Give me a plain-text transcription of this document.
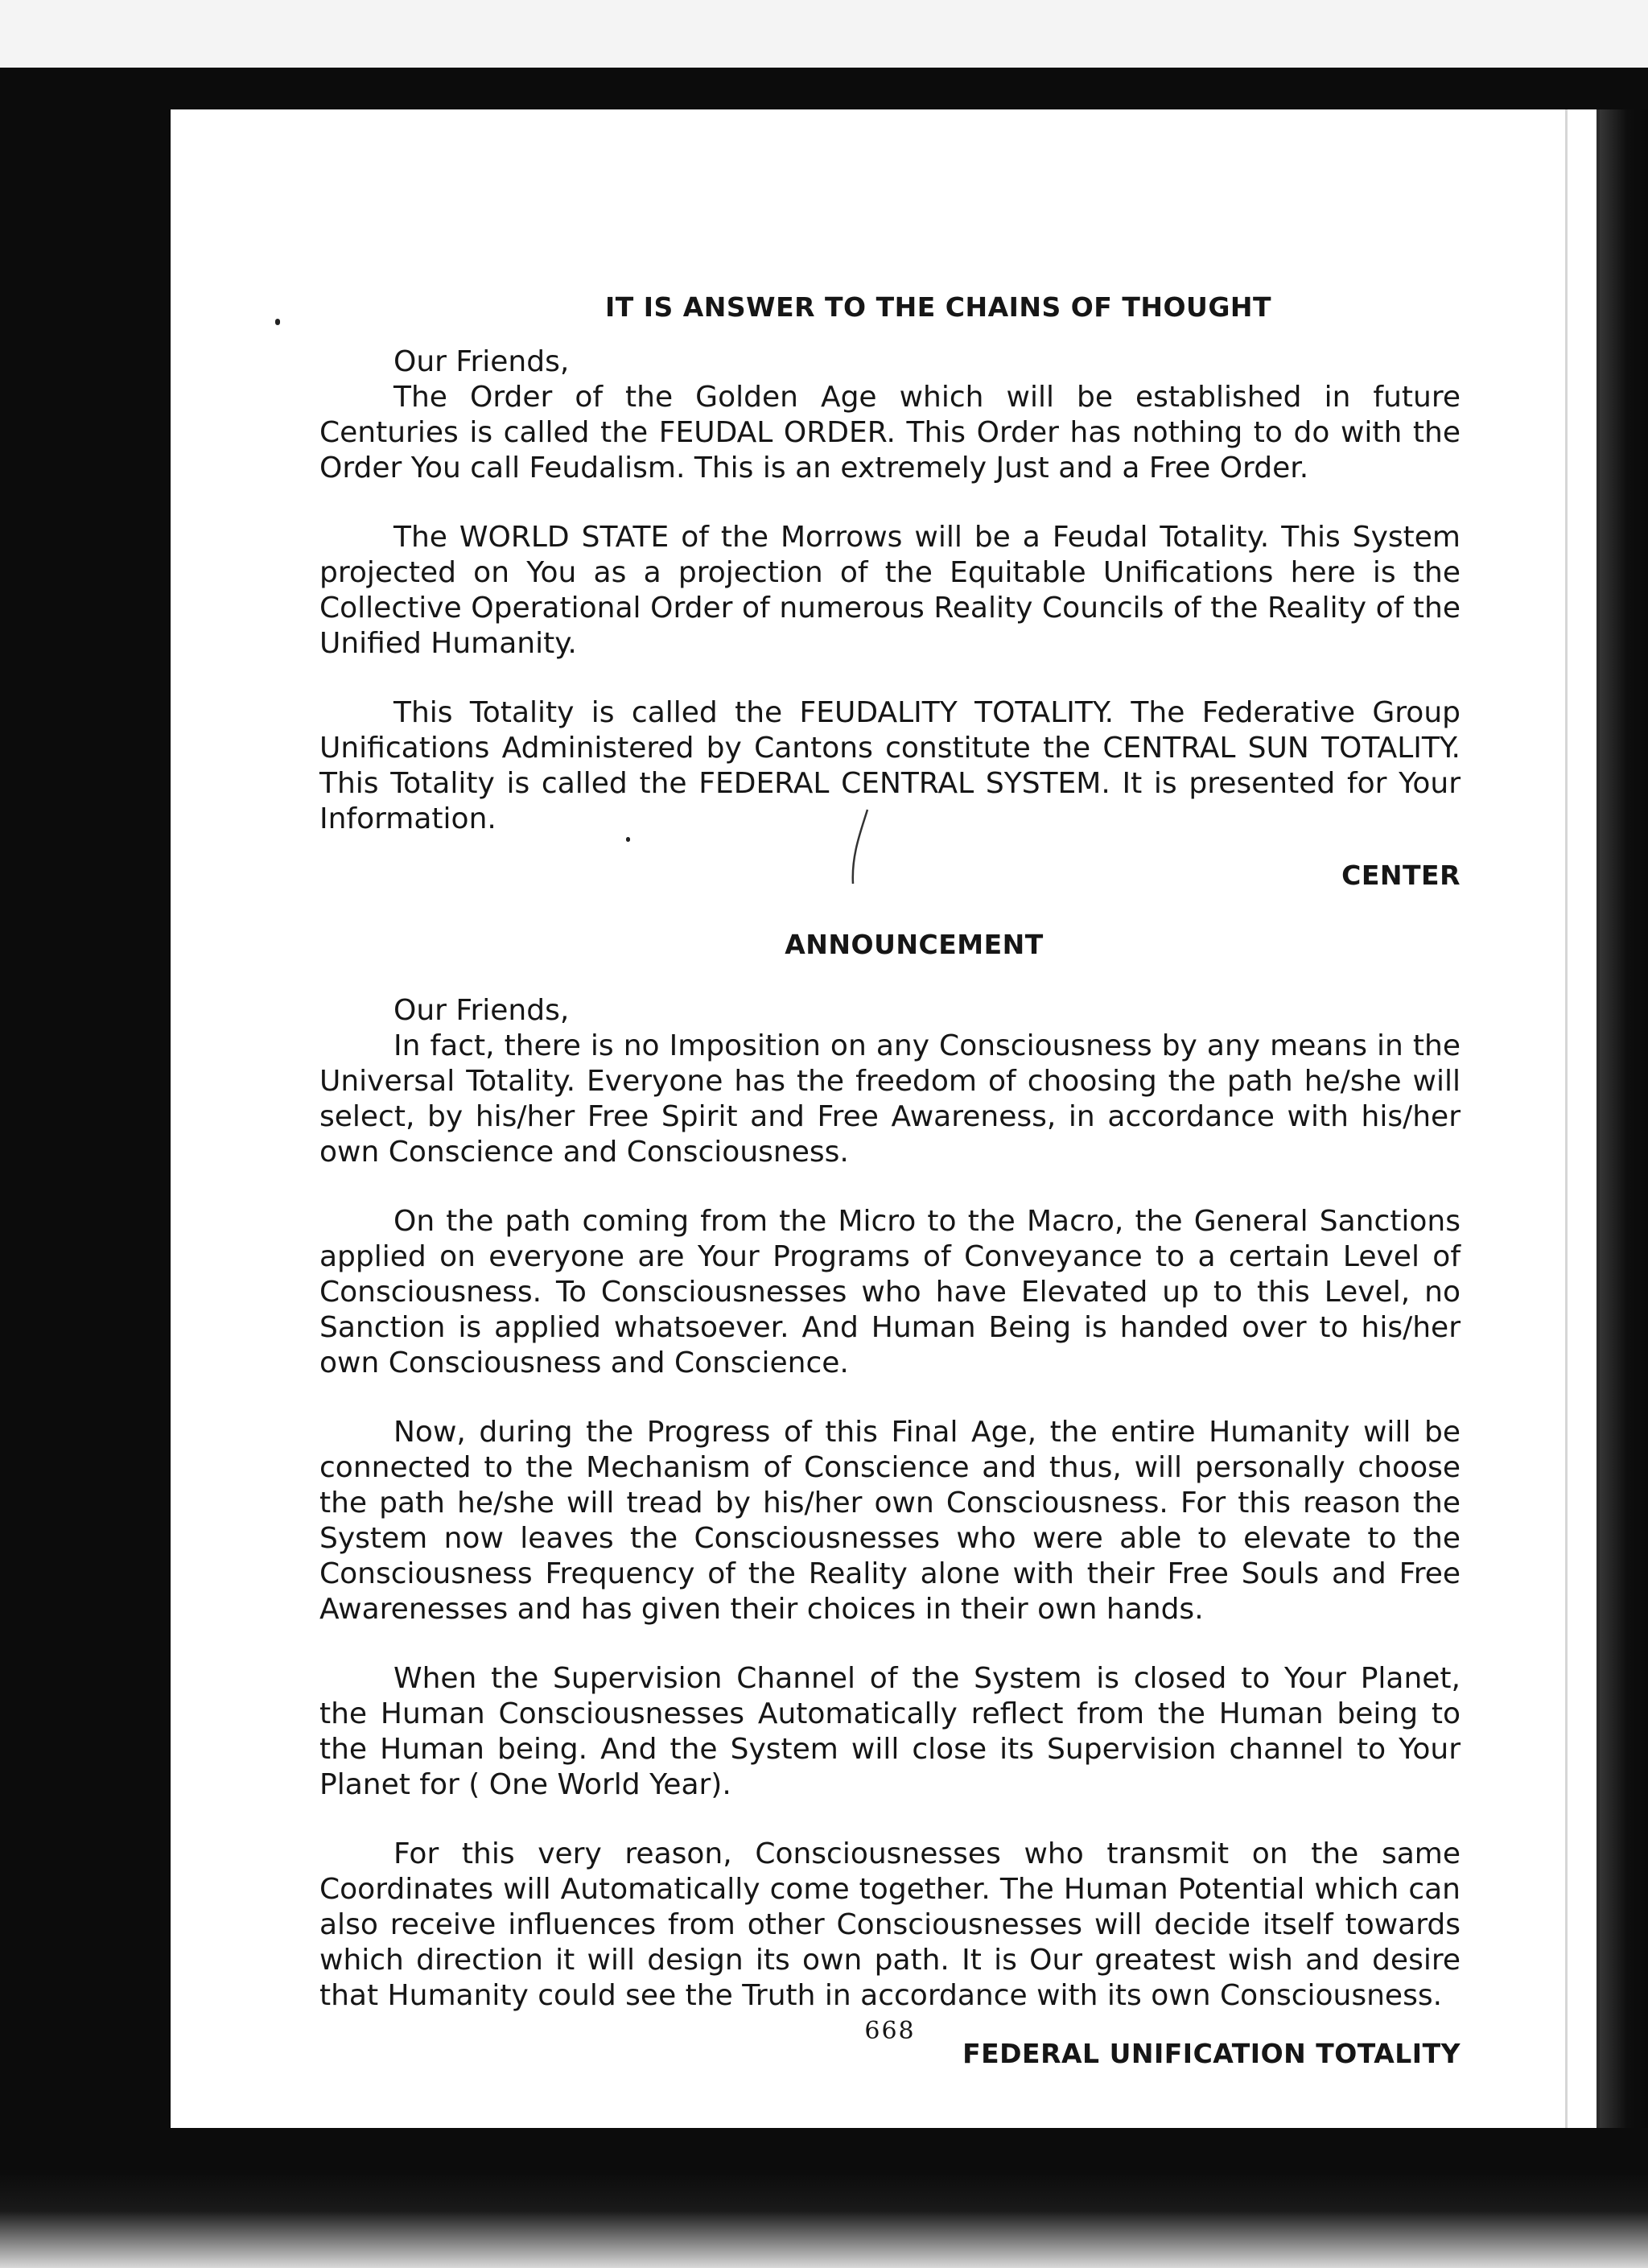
IT IS ANSWER TO THE CHAINS OF THOUGHT

Our Friends,

The Order of the Golden Age which will be established in future Centuries is called the FEUDAL ORDER. This Order has nothing to do with the Order You call Feudalism. This is an extremely Just and a Free Order.

The WORLD STATE of the Morrows will be a Feudal Totality. This System projected on You as a projection of the Equitable Unifications here is the Collective Operational Order of numerous Reality Councils of the Reality of the Unified Humanity.

This Totality is called the FEUDALITY TOTALITY. The Federative Group Unifications Administered by Cantons constitute the CENTRAL SUN TOTALITY. This Totality is called the FEDERAL CENTRAL SYSTEM. It is presented for Your Information.

CENTER
ANNOUNCEMENT

Our Friends,

In fact, there is no Imposition on any Consciousness by any means in the Universal Totality. Everyone has the freedom of choosing the path he/she will select, by his/her Free Spirit and Free Awareness, in accordance with his/her own Conscience and Consciousness.

On the path coming from the Micro to the Macro, the General Sanctions applied on everyone are Your Programs of Conveyance to a certain Level of Consciousness. To Consciousnesses who have Elevated up to this Level, no Sanction is applied whatsoever. And Human Being is handed over to his/her own Consciousness and Conscience.

Now, during the Progress of this Final Age, the entire Humanity will be connected to the Mechanism of Conscience and thus, will personally choose the path he/she will tread by his/her own Consciousness. For this reason the System now leaves the Consciousnesses who were able to elevate to the Consciousness Frequency of the Reality alone with their Free Souls and Free Awarenesses and has given their choices in their own hands.

When the Supervision Channel of the System is closed to Your Planet, the Human Consciousnesses Automatically reflect from the Human being to the Human being. And the System will close its Supervision channel to Your Planet for ( One World Year).

For this very reason, Consciousnesses who transmit on the same Coordinates will Automatically come together. The Human Potential which can also receive influences from other Consciousnesses will decide itself towards which direction it will design its own path. It is Our greatest wish and desire that Humanity could see the Truth in accordance with its own Consciousness.

FEDERAL UNIFICATION TOTALITY
668
